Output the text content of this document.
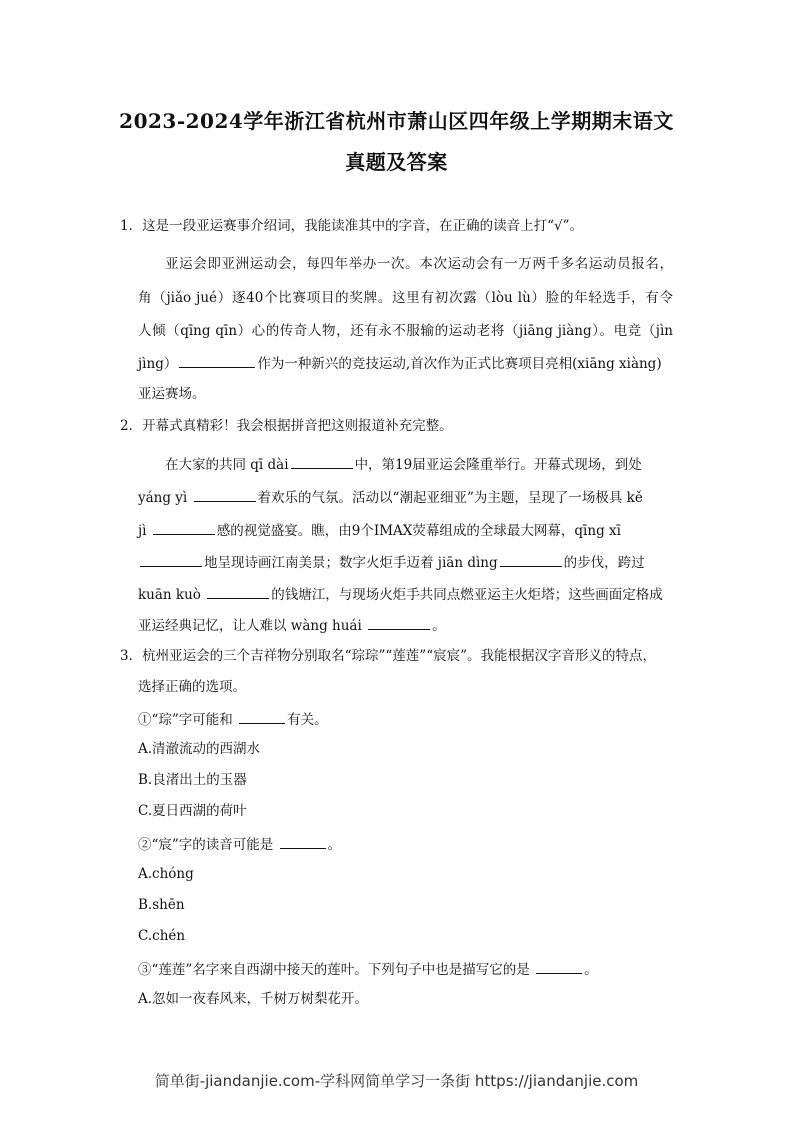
2023-2024学年浙江省杭州市萧山区四年级上学期期末语文
真题及答案

1．这是一段亚运赛事介绍词，我能读准其中的字音，在正确的读音上打“√”。

亚运会即亚洲运动会，每四年举办一次。本次运动会有一万两千多名运动员报名，

角（jiǎo jué）逐40个比赛项目的奖牌。这里有初次露（lòu lù）脸的年轻选手，有令

人倾（qīng qīn）心的传奇人物，还有永不服输的运动老将（jiāng jiàng）。电竞（jìn

jìng）	作为一种新兴的竞技运动,首次作为正式比赛项目亮相(xiāng xiàng)

亚运赛场。

2．开幕式真精彩！我会根据拼音把这则报道补充完整。

在大家的共同 qī dài	中，第19届亚运会隆重举行。开幕式现场，到处

yáng yì	着欢乐的气氛。活动以“潮起亚细亚”为主题，呈现了一场极具 kě

jì	感的视觉盛宴。瞧，由9个IMAX荧幕组成的全球最大网幕，qīng xī

地呈现诗画江南美景；数字火炬手迈着 jiān dìng	的步伐，跨过

kuān kuò	的钱塘江，与现场火炬手共同点燃亚运主火炬塔；这些画面定格成

亚运经典记忆，让人难以 wàng huái	。

3．杭州亚运会的三个吉祥物分别取名“琮琮”“莲莲”“宸宸”。我能根据汉字音形义的特点，

选择正确的选项。

①“琮”字可能和	有关。

A.清澈流动的西湖水

B.良渚出土的玉器

C.夏日西湖的荷叶

②“宸”字的读音可能是	。

A.chóng

B.shēn

C.chén

③“莲莲”名字来自西湖中接天的莲叶。下列句子中也是描写它的是	。

A.忽如一夜春风来，千树万树梨花开。

简单街-jiandanjie.com-学科网简单学习一条街 https://jiandanjie.com
